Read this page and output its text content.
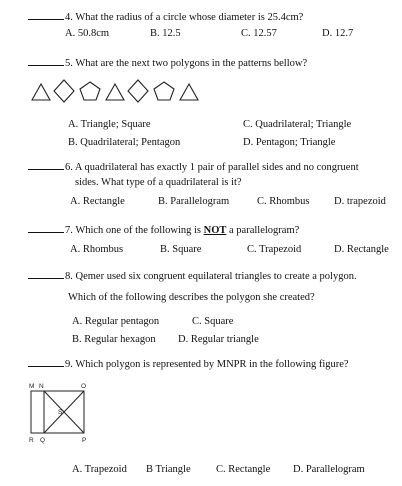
4. What the radius of a circle whose diameter is 25.4cm?
A. 50.8cm	B. 12.5	C. 12.57	D. 12.7
5. What are the next two polygons in the patterns bellow?
A. Triangle; Square	C. Quadrilateral; Triangle
B. Quadrilateral; Pentagon	D. Pentagon; Triangle
6. A quadrilateral has exactly 1 pair of parallel sides and no congruent
sides. What type of a quadrilateral is it?
A. Rectangle	B. Parallelogram	C. Rhombus D. trapezoid
7. Which one of the following is NOT a parallelogram?
A. Rhombus	B. Square	C. Trapezoid	D. Rectangle
8. Qemer used six congruent equilateral triangles to create a polygon.
Which of the following describes the polygon she created?
A. Regular pentagon	C. Square
B. Regular hexagon D. Regular triangle
9. Which polygon is represented by MNPR in the following figure?
M N	O
S
R Q	P
A. Trapezoid B Triangle C. Rectangle D. Parallelogram
